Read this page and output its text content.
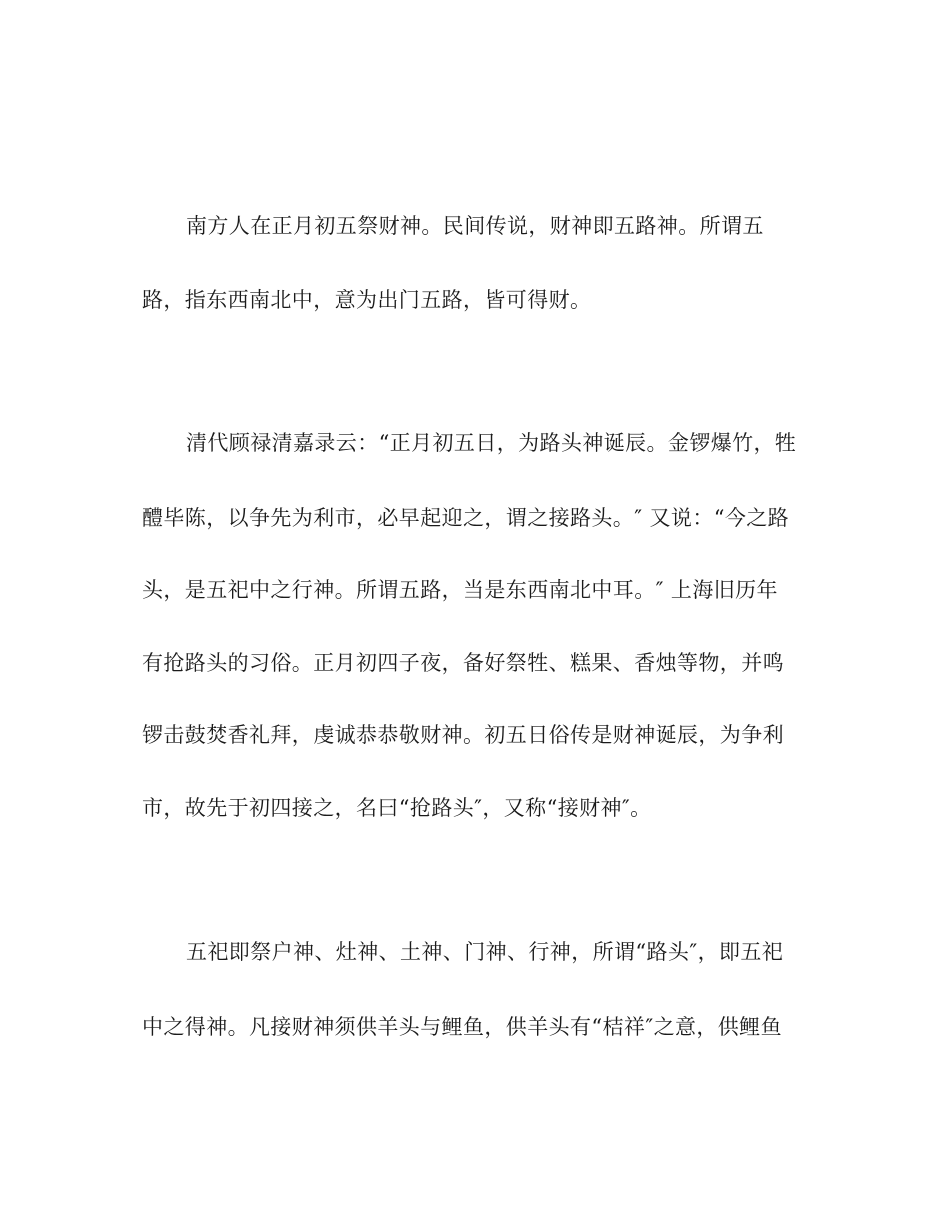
南方人在正月初五祭财神。民间传说，财神即五路神。所谓五
路，指东西南北中，意为出门五路，皆可得财。
清代顾禄清嘉录云：“正月初五日，为路头神诞辰。金锣爆竹，牲
醴毕陈，以争先为利市，必早起迎之，谓之接路头。″ 又说：“今之路
头，是五祀中之行神。所谓五路，当是东西南北中耳。″ 上海旧历年
有抢路头的习俗。正月初四子夜，备好祭牲、糕果、香烛等物，并鸣
锣击鼓焚香礼拜，虔诚恭恭敬财神。初五日俗传是财神诞辰，为争利
市，故先于初四接之，名曰“抢路头″，又称“接财神″。
五祀即祭户神、灶神、土神、门神、行神，所谓“路头″，即五祀
中之得神。凡接财神须供羊头与鲤鱼，供羊头有“桔祥″之意，供鲤鱼
